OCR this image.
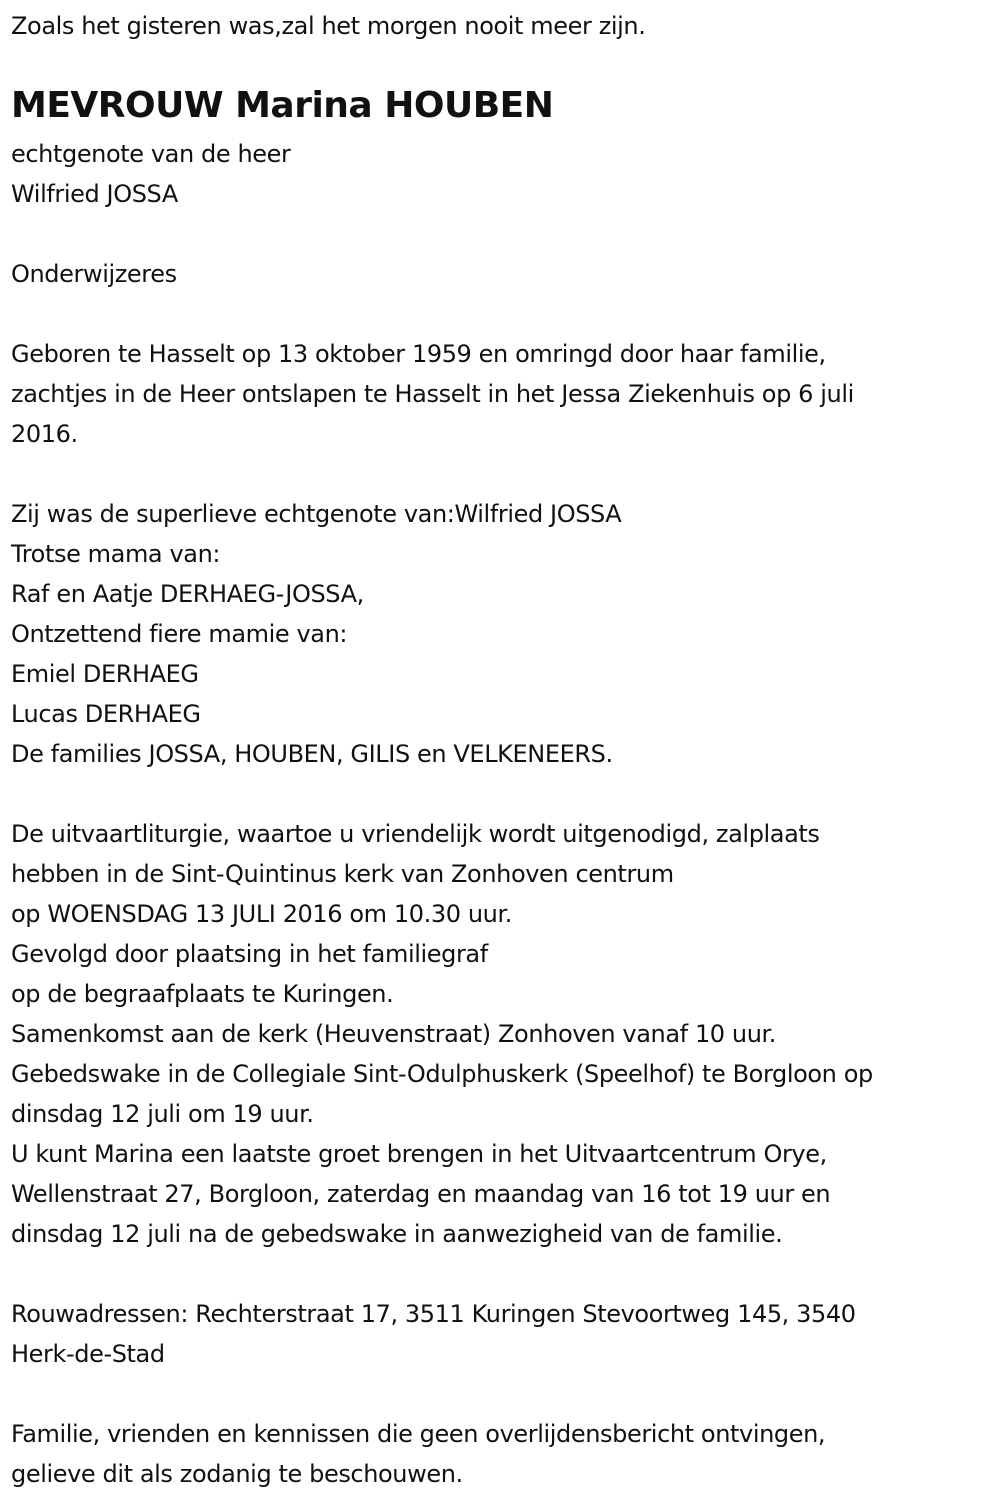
Zoals het gisteren was,zal het morgen nooit meer zijn.
MEVROUW Marina HOUBEN
echtgenote van de heer
Wilfried JOSSA
Onderwijzeres
Geboren te Hasselt op 13 oktober 1959 en omringd door haar familie,
zachtjes in de Heer ontslapen te Hasselt in het Jessa Ziekenhuis op 6 juli
2016.
Zij was de superlieve echtgenote van:Wilfried JOSSA
Trotse mama van:
Raf en Aatje DERHAEG-JOSSA,
Ontzettend fiere mamie van:
Emiel DERHAEG
Lucas DERHAEG
De families JOSSA, HOUBEN, GILIS en VELKENEERS.
De uitvaartliturgie, waartoe u vriendelijk wordt uitgenodigd, zalplaats
hebben in de Sint-Quintinus kerk van Zonhoven centrum
op WOENSDAG 13 JULI 2016 om 10.30 uur.
Gevolgd door plaatsing in het familiegraf
op de begraafplaats te Kuringen.
Samenkomst aan de kerk (Heuvenstraat) Zonhoven vanaf 10 uur.
Gebedswake in de Collegiale Sint-Odulphuskerk (Speelhof) te Borgloon op
dinsdag 12 juli om 19 uur.
U kunt Marina een laatste groet brengen in het Uitvaartcentrum Orye,
Wellenstraat 27, Borgloon, zaterdag en maandag van 16 tot 19 uur en
dinsdag 12 juli na de gebedswake in aanwezigheid van de familie.
Rouwadressen: Rechterstraat 17, 3511 Kuringen Stevoortweg 145, 3540
Herk-de-Stad
Familie, vrienden en kennissen die geen overlijdensbericht ontvingen,
gelieve dit als zodanig te beschouwen.
